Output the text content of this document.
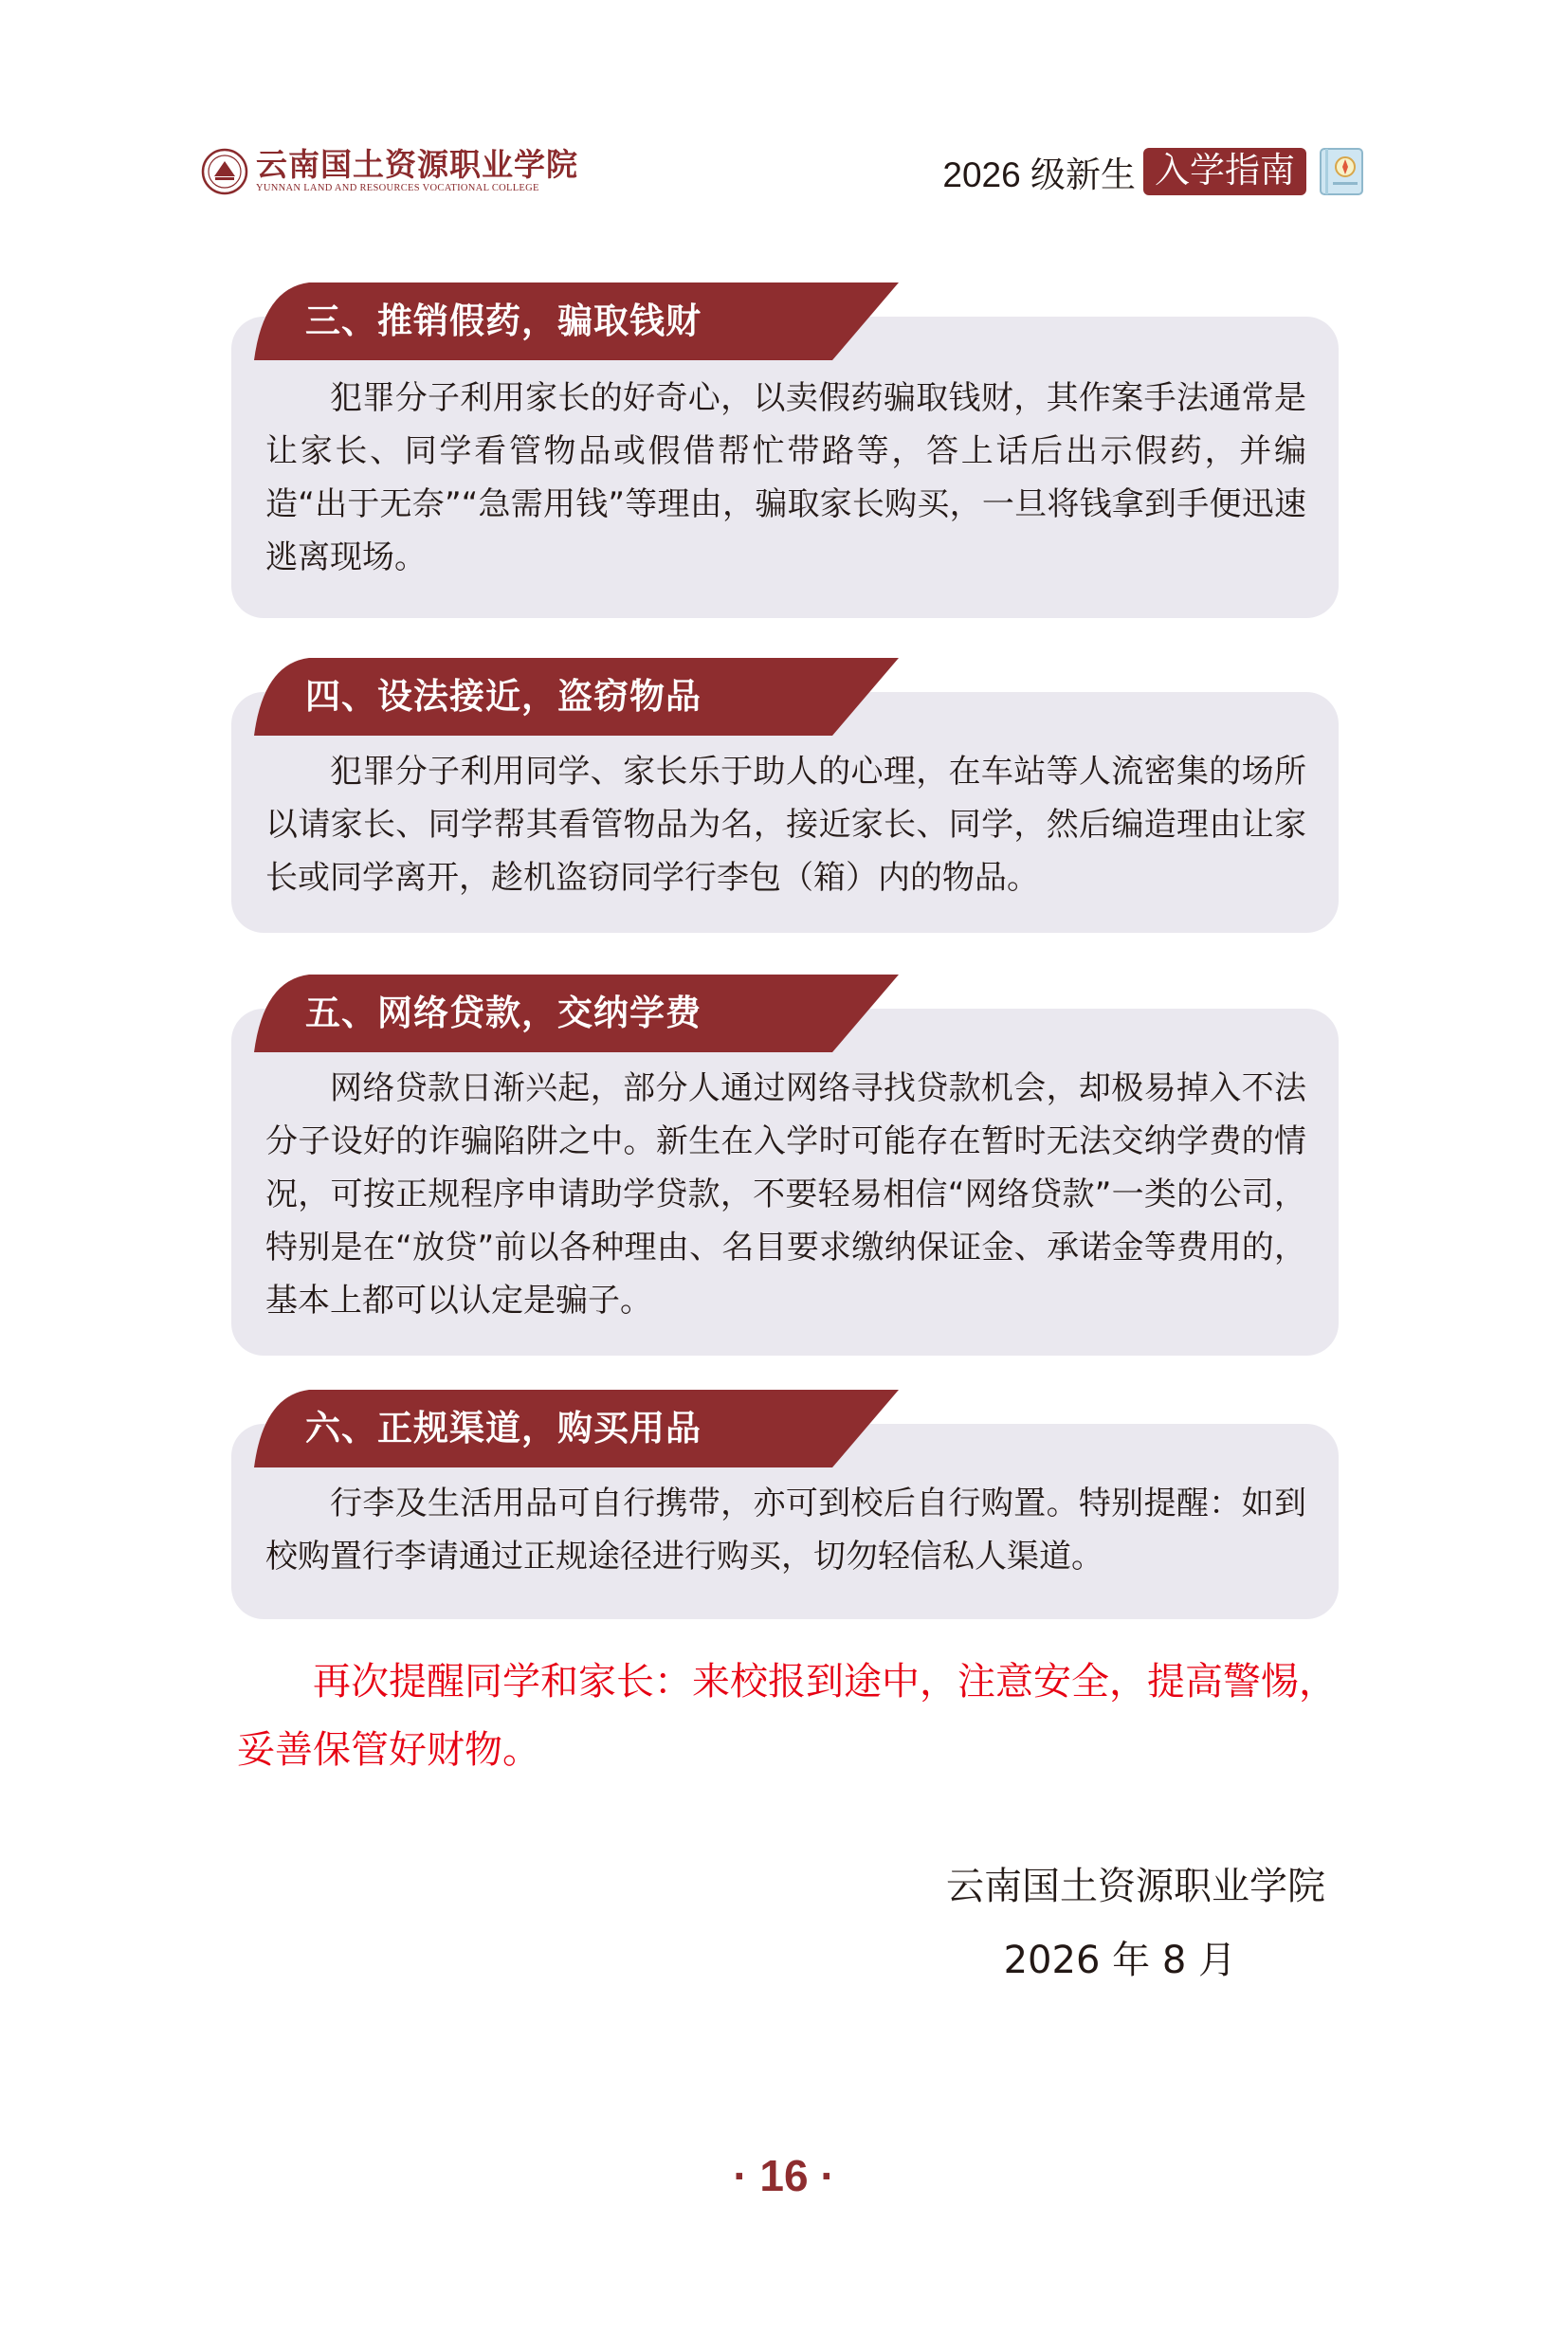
云南国土资源职业学院
YUNNAN LAND AND RESOURCES VOCATIONAL COLLEGE	2026 级新生 入学指南
三、推销假药，骗取钱财

犯罪分子利用家长的好奇心，以卖假药骗取钱财，其作案手法通常是让家长、同学看管物品或假借帮忙带路等，答上话后出示假药，并编造“出于无奈”“急需用钱”等理由，骗取家长购买，一旦将钱拿到手便迅速逃离现场。

四、设法接近，盗窃物品

犯罪分子利用同学、家长乐于助人的心理，在车站等人流密集的场所以请家长、同学帮其看管物品为名，接近家长、同学，然后编造理由让家长或同学离开，趁机盗窃同学行李包（箱）内的物品。

五、网络贷款，交纳学费

网络贷款日渐兴起，部分人通过网络寻找贷款机会，却极易掉入不法分子设好的诈骗陷阱之中。新生在入学时可能存在暂时无法交纳学费的情况，可按正规程序申请助学贷款，不要轻易相信“网络贷款”一类的公司，特别是在“放贷”前以各种理由、名目要求缴纳保证金、承诺金等费用的，基本上都可以认定是骗子。

六、正规渠道，购买用品

行李及生活用品可自行携带，亦可到校后自行购置。特别提醒：如到校购置行李请通过正规途径进行购买，切勿轻信私人渠道。

再次提醒同学和家长：来校报到途中，注意安全，提高警惕，妥善保管好财物。

云南国土资源职业学院
2026 年 8 月
· 16 ·
